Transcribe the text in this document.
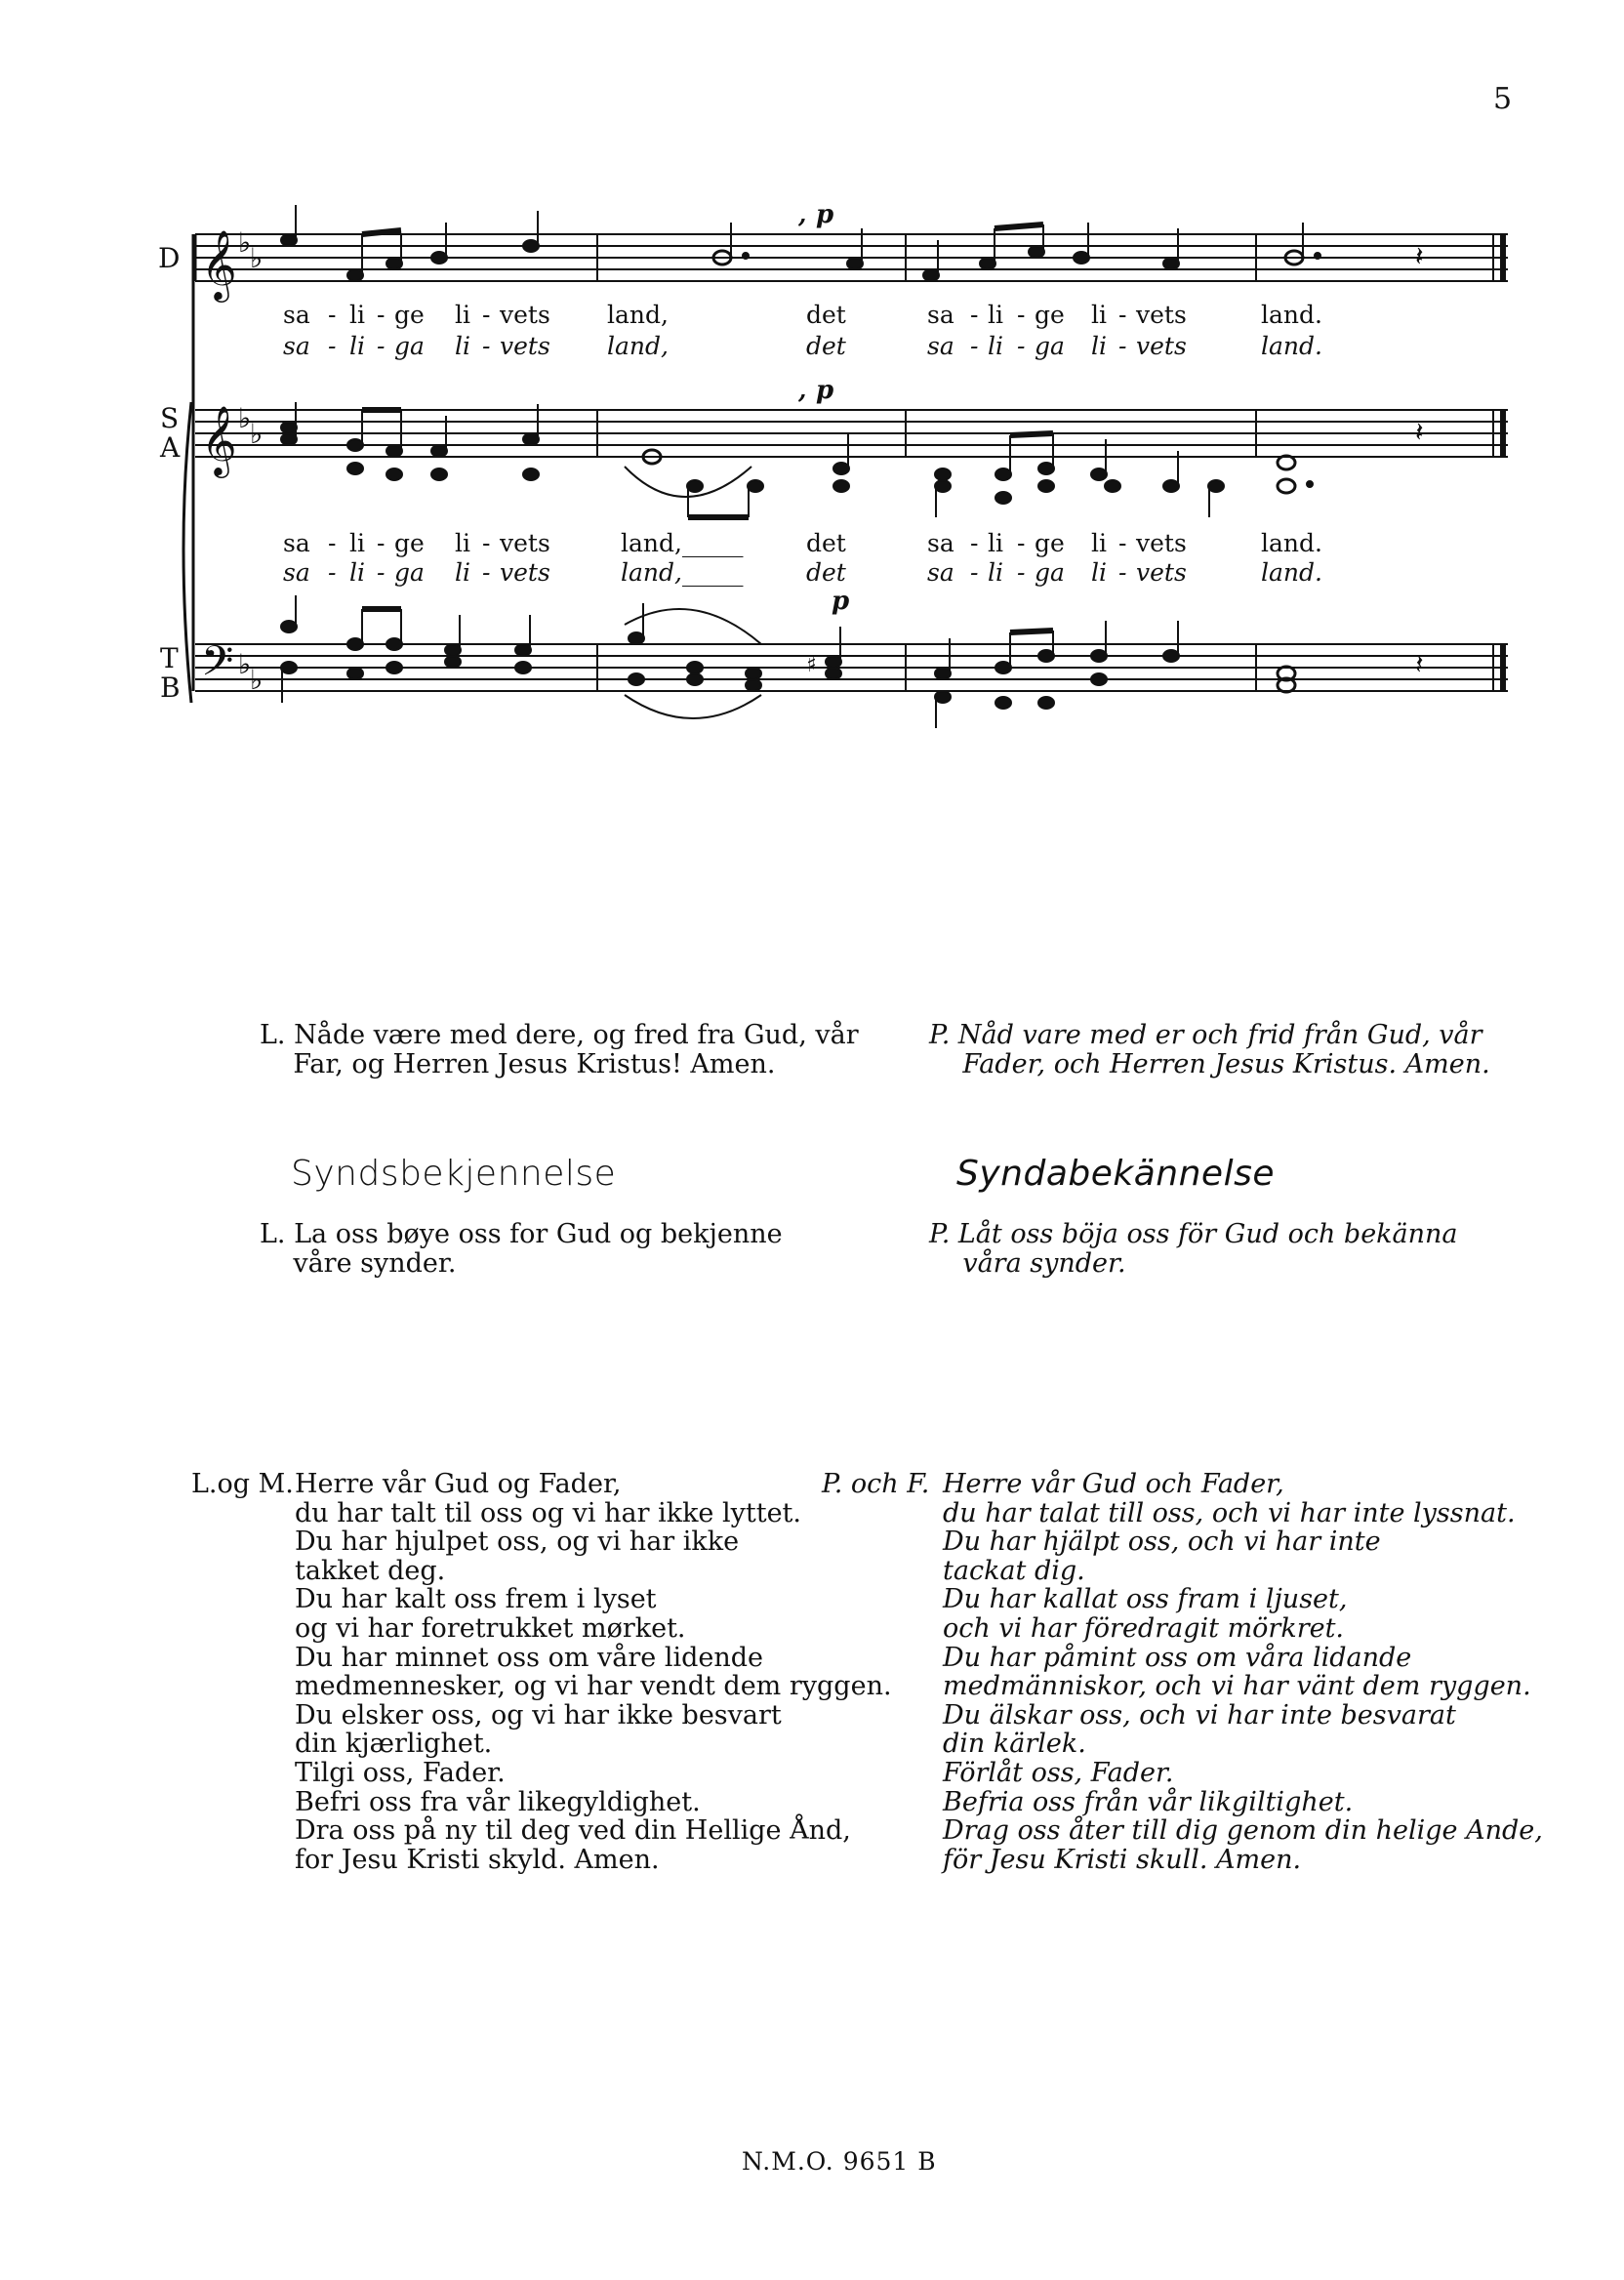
5
𝄞
𝄞
𝄢
♭
♭
♭
♭
♭
♭
𝄽
𝄽
♯	𝄽
, p
, p
p
D
S
A
T
B
sa - li - ge li - vets land,	det	sa - li - ge li - vets	land.
sa - li - ga li - vets land,	det	sa - li - ga li - vets	land.
sa - li - ge li - vets	land,_____	det	sa - li - ge li - vets	land.
sa - li - ga li - vets	land,_____	det	sa - li - ga li - vets	land.
L. Nåde være med dere, og fred fra Gud, vår
Far, og Herren Jesus Kristus! Amen.
P. Nåd vare med er och frid från Gud, vår
Fader, och Herren Jesus Kristus. Amen.
Syndsbekjennelse	Syndabekännelse
L. La oss bøye oss for Gud og bekjenne
våre synder.
P. Låt oss böja oss för Gud och bekänna
våra synder.
L.og M. Herre vår Gud og Fader,
du har talt til oss og vi har ikke lyttet.
Du har hjulpet oss, og vi har ikke
takket deg.
Du har kalt oss frem i lyset
og vi har foretrukket mørket.
Du har minnet oss om våre lidende
medmennesker, og vi har vendt dem ryggen.
Du elsker oss, og vi har ikke besvart
din kjærlighet.
Tilgi oss, Fader.
Befri oss fra vår likegyldighet.
Dra oss på ny til deg ved din Hellige Ånd,
for Jesu Kristi skyld. Amen.
P. och F. Herre vår Gud och Fader,
du har talat till oss, och vi har inte lyssnat.
Du har hjälpt oss, och vi har inte
tackat dig.
Du har kallat oss fram i ljuset,
och vi har föredragit mörkret.
Du har påmint oss om våra lidande
medmänniskor, och vi har vänt dem ryggen.
Du älskar oss, och vi har inte besvarat
din kärlek.
Förlåt oss, Fader.
Befria oss från vår likgiltighet.
Drag oss åter till dig genom din helige Ande,
för Jesu Kristi skull. Amen.
N.M.O. 9651 B
